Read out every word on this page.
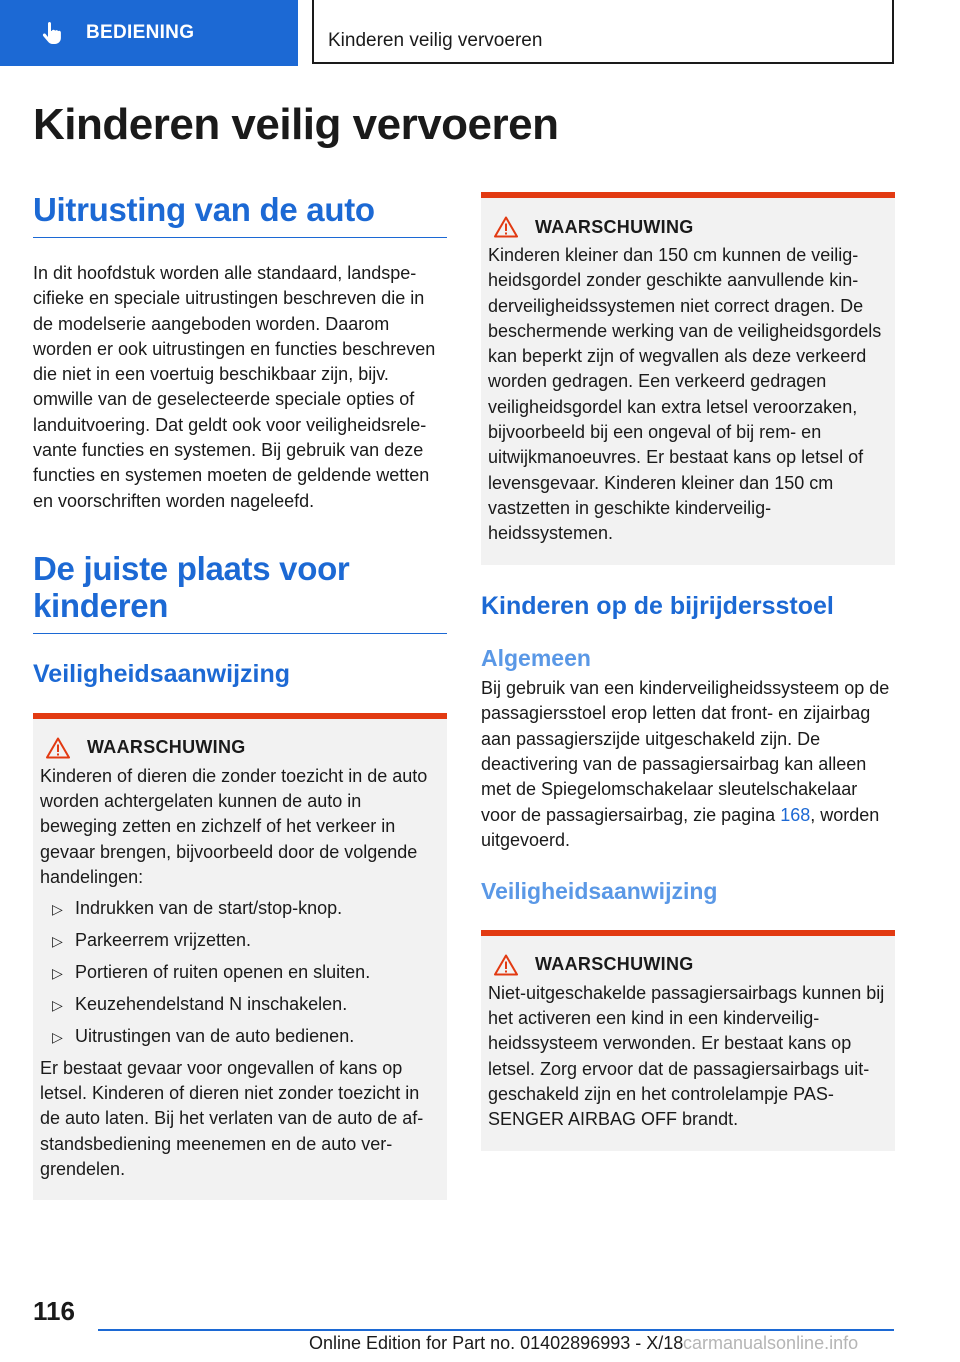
BEDIENING	Kinderen veilig vervoeren
Kinderen veilig vervoeren
Uitrusting van de auto

In dit hoofdstuk worden alle standaard, landspecifieke en speciale uitrustingen beschreven die in de modelserie aangeboden worden. Daarom worden er ook uitrustingen en functies beschreven die niet in een voertuig beschikbaar zijn, bijv. omwille van de geselecteerde speciale opties of landuitvoering. Dat geldt ook voor veiligheidsrelevante functies en systemen. Bij gebruik van deze functies en systemen moeten de geldende wetten en voorschriften worden nageleefd.

De juiste plaats voor kinderen
Veiligheidsaanwijzing
WAARSCHUWING

Kinderen of dieren die zonder toezicht in de auto worden achtergelaten kunnen de auto in beweging zetten en zichzelf of het verkeer in gevaar brengen, bijvoorbeeld door de volgende handelingen:

▷ Indrukken van de start/stop-knop.
▷ Parkeerrem vrijzetten.
▷ Portieren of ruiten openen en sluiten.
▷ Keuzehendelstand N inschakelen.
▷ Uitrustingen van de auto bedienen.

Er bestaat gevaar voor ongevallen of kans op letsel. Kinderen of dieren niet zonder toezicht in de auto laten. Bij het verlaten van de auto de afstandsbediening meenemen en de auto vergrendelen.

WAARSCHUWING

Kinderen kleiner dan 150 cm kunnen de veiligheidsgordel zonder geschikte aanvullende kinderveiligheidssystemen niet correct dragen. De beschermende werking van de veiligheidsgordels kan beperkt zijn of wegvallen als deze verkeerd worden gedragen. Een verkeerd gedragen veiligheidsgordel kan extra letsel veroorzaken, bijvoorbeeld bij een ongeval of bij rem- en uitwijkmanoeuvres. Er bestaat kans op letsel of levensgevaar. Kinderen kleiner dan 150 cm vastzetten in geschikte kinderveiligheidssystemen.

Kinderen op de bijrijdersstoel
Algemeen

Bij gebruik van een kinderveiligheidssysteem op de passagiersstoel erop letten dat front- en zijairbag aan passagierszijde uitgeschakeld zijn. De deactivering van de passagiersairbag kan alleen met de Spiegelomschakelaar sleutelschakelaar voor de passagiersairbag, zie pagina 168, worden uitgevoerd.

Veiligheidsaanwijzing
WAARSCHUWING

Niet-uitgeschakelde passagiersairbags kunnen bij het activeren een kind in een kinderveiligheidssysteem verwonden. Er bestaat kans op letsel. Zorg ervoor dat de passagiersairbags uitgeschakeld zijn en het controlelampje PASSENGER AIRBAG OFF brandt.

116
Online Edition for Part no. 01402896993 - X/18 carmanualsonline.info
